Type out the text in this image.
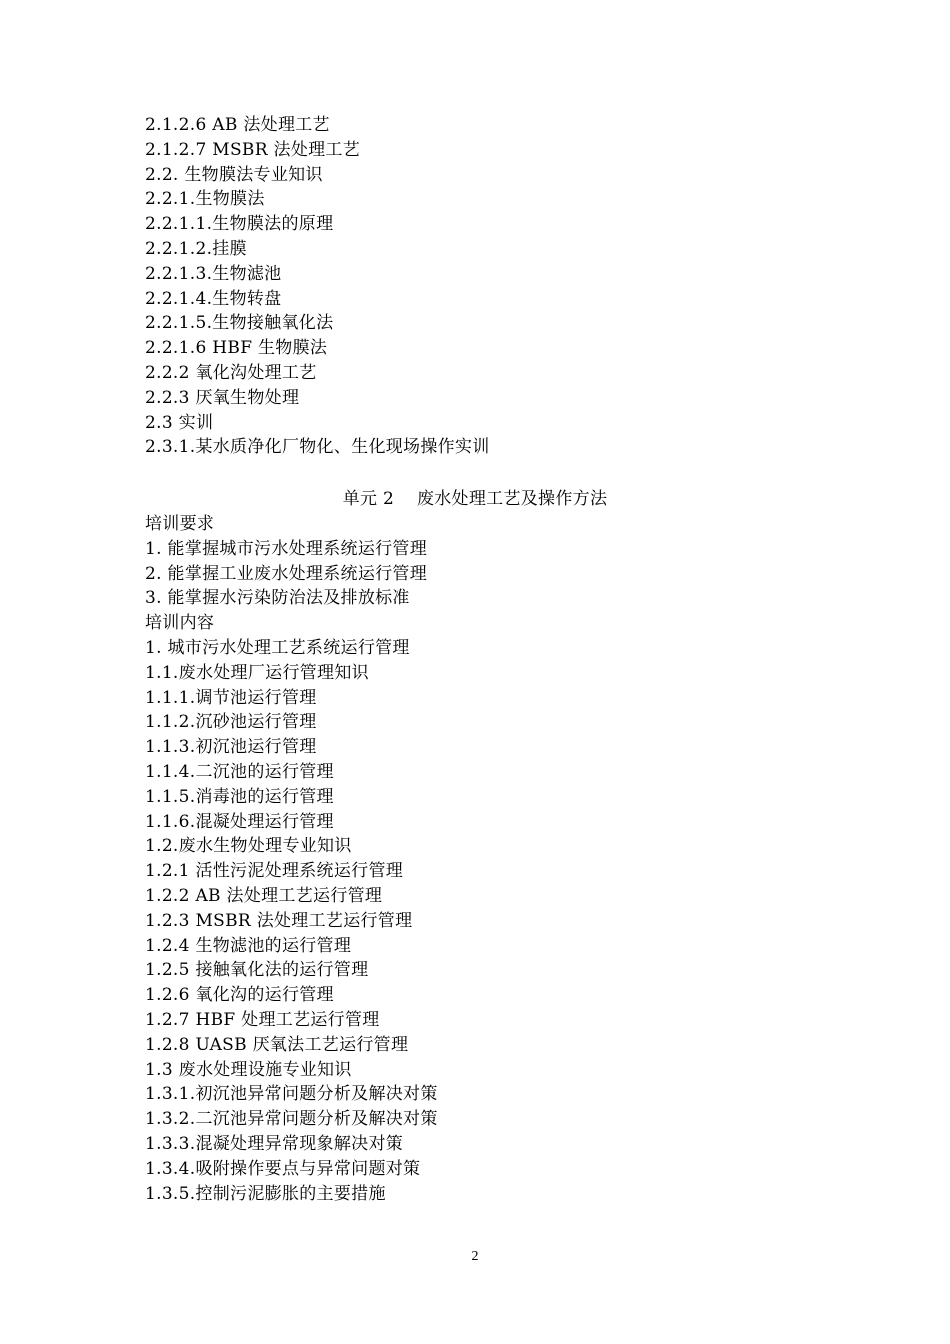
2.1.2.6 AB 法处理工艺
2.1.2.7 MSBR 法处理工艺
2.2. 生物膜法专业知识
2.2.1.生物膜法
2.2.1.1.生物膜法的原理
2.2.1.2.挂膜
2.2.1.3.生物滤池
2.2.1.4.生物转盘
2.2.1.5.生物接触氧化法
2.2.1.6 HBF 生物膜法
2.2.2 氧化沟处理工艺
2.2.3 厌氧生物处理
2.3 实训
2.3.1.某水质净化厂物化、生化现场操作实训
单元 2    废水处理工艺及操作方法
培训要求
1. 能掌握城市污水处理系统运行管理
2. 能掌握工业废水处理系统运行管理
3. 能掌握水污染防治法及排放标准
培训内容
1. 城市污水处理工艺系统运行管理
1.1.废水处理厂运行管理知识
1.1.1.调节池运行管理
1.1.2.沉砂池运行管理
1.1.3.初沉池运行管理
1.1.4.二沉池的运行管理
1.1.5.消毒池的运行管理
1.1.6.混凝处理运行管理
1.2.废水生物处理专业知识
1.2.1 活性污泥处理系统运行管理
1.2.2 AB 法处理工艺运行管理
1.2.3 MSBR 法处理工艺运行管理
1.2.4 生物滤池的运行管理
1.2.5 接触氧化法的运行管理
1.2.6 氧化沟的运行管理
1.2.7 HBF 处理工艺运行管理
1.2.8 UASB 厌氧法工艺运行管理
1.3 废水处理设施专业知识
1.3.1.初沉池异常问题分析及解决对策
1.3.2.二沉池异常问题分析及解决对策
1.3.3.混凝处理异常现象解决对策
1.3.4.吸附操作要点与异常问题对策
1.3.5.控制污泥膨胀的主要措施
2
